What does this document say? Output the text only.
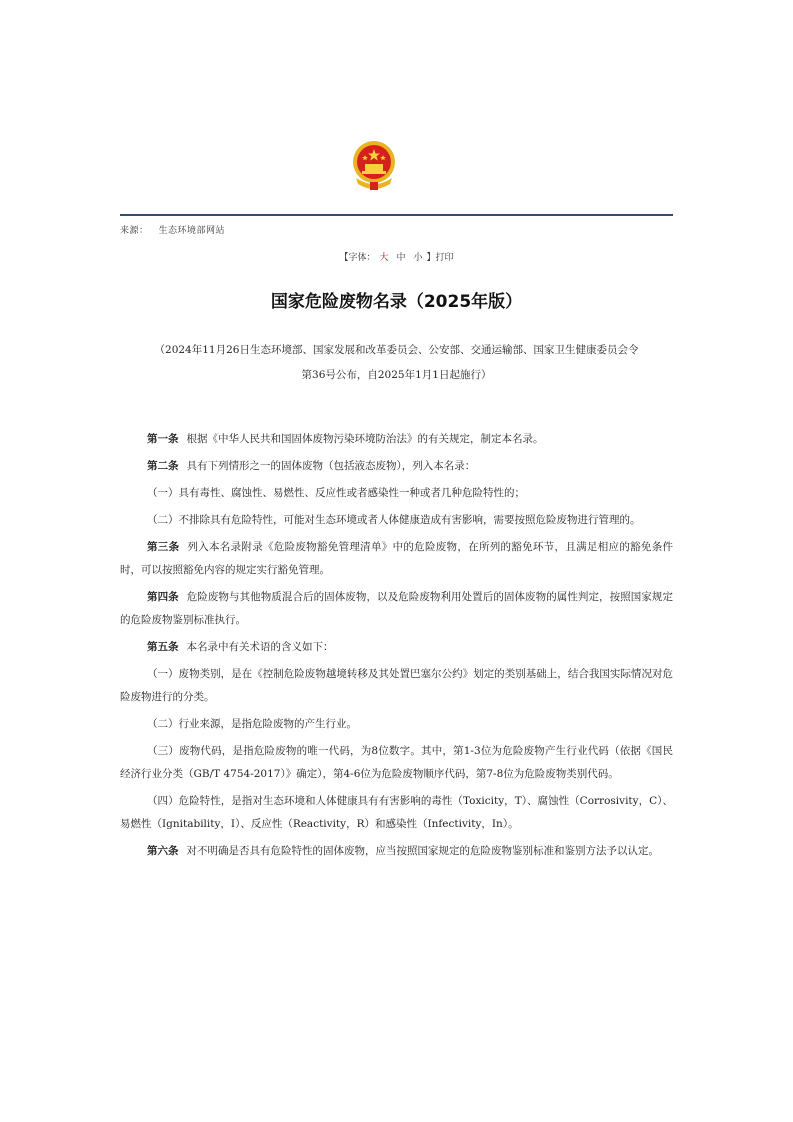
来源： 生态环境部网站
【字体： 大 中 小 】打印
国家危险废物名录（2025年版）
（2024年11月26日生态环境部、国家发展和改革委员会、公安部、交通运输部、国家卫生健康委员会令
第36号公布，自2025年1月1日起施行）

第一条 根据《中华人民共和国固体废物污染环境防治法》的有关规定，制定本名录。

第二条 具有下列情形之一的固体废物（包括液态废物），列入本名录：

（一）具有毒性、腐蚀性、易燃性、反应性或者感染性一种或者几种危险特性的；

（二）不排除具有危险特性，可能对生态环境或者人体健康造成有害影响，需要按照危险废物进行管理的。

第三条 列入本名录附录《危险废物豁免管理清单》中的危险废物，在所列的豁免环节，且满足相应的豁免条件时，可以按照豁免内容的规定实行豁免管理。

第四条 危险废物与其他物质混合后的固体废物，以及危险废物利用处置后的固体废物的属性判定，按照国家规定的危险废物鉴别标准执行。

第五条 本名录中有关术语的含义如下：

（一）废物类别，是在《控制危险废物越境转移及其处置巴塞尔公约》划定的类别基础上，结合我国实际情况对危险废物进行的分类。

（二）行业来源，是指危险废物的产生行业。

（三）废物代码，是指危险废物的唯一代码，为8位数字。其中，第1-3位为危险废物产生行业代码（依据《国民经济行业分类（GB/T 4754-2017）》确定），第4-6位为危险废物顺序代码，第7-8位为危险废物类别代码。

（四）危险特性，是指对生态环境和人体健康具有有害影响的毒性（Toxicity，T）、腐蚀性（Corrosivity，C）、易燃性（Ignitability，I）、反应性（Reactivity，R）和感染性（Infectivity，In）。

第六条 对不明确是否具有危险特性的固体废物，应当按照国家规定的危险废物鉴别标准和鉴别方法予以认定。
